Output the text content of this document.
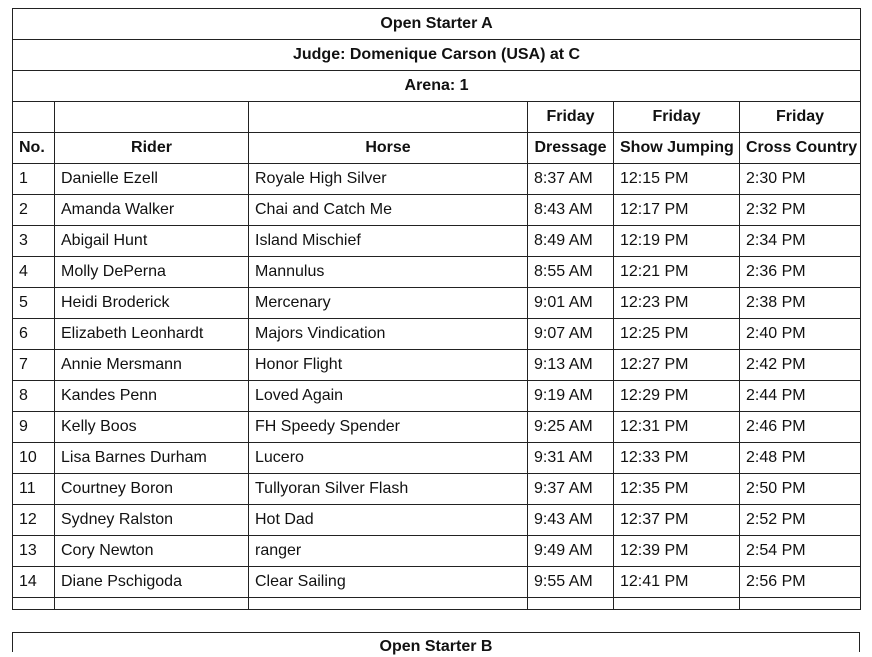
Open Starter A					
Judge: Domenique Carson (USA) at C					
Arena: 1					
			Friday	Friday	Friday
No.	Rider	Horse	Dressage	Show Jumping	Cross Country
1	Danielle Ezell	Royale High Silver	8:37 AM	12:15 PM	2:30 PM
2	Amanda Walker	Chai and Catch Me	8:43 AM	12:17 PM	2:32 PM
3	Abigail Hunt	Island Mischief	8:49 AM	12:19 PM	2:34 PM
4	Molly DePerna	Mannulus	8:55 AM	12:21 PM	2:36 PM
5	Heidi Broderick	Mercenary	9:01 AM	12:23 PM	2:38 PM
6	Elizabeth Leonhardt	Majors Vindication	9:07 AM	12:25 PM	2:40 PM
7	Annie Mersmann	Honor Flight	9:13 AM	12:27 PM	2:42 PM
8	Kandes Penn	Loved Again	9:19 AM	12:29 PM	2:44 PM
9	Kelly Boos	FH Speedy Spender	9:25 AM	12:31 PM	2:46 PM
10	Lisa Barnes Durham	Lucero	9:31 AM	12:33 PM	2:48 PM
11	Courtney Boron	Tullyoran Silver Flash	9:37 AM	12:35 PM	2:50 PM
12	Sydney Ralston	Hot Dad	9:43 AM	12:37 PM	2:52 PM
13	Cory Newton	ranger	9:49 AM	12:39 PM	2:54 PM
14	Diane Pschigoda	Clear Sailing	9:55 AM	12:41 PM	2:56 PM

Open Starter B
